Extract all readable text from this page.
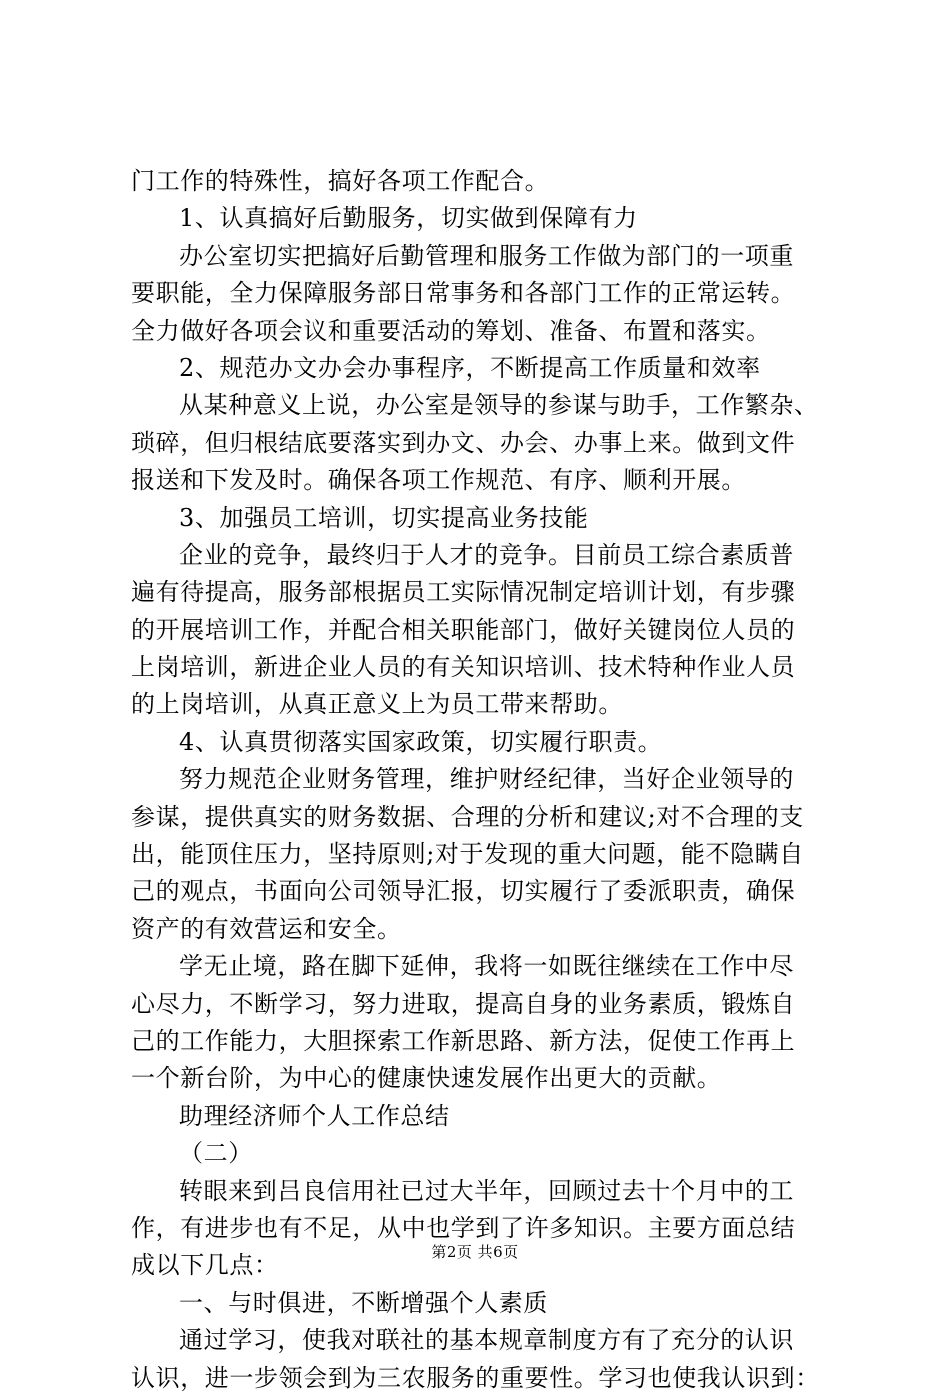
门工作的特殊性，搞好各项工作配合。
1、认真搞好后勤服务，切实做到保障有力
办公室切实把搞好后勤管理和服务工作做为部门的一项重
要职能，全力保障服务部日常事务和各部门工作的正常运转。
全力做好各项会议和重要活动的筹划、准备、布置和落实。
2、规范办文办会办事程序，不断提高工作质量和效率
从某种意义上说，办公室是领导的参谋与助手，工作繁杂、
琐碎，但归根结底要落实到办文、办会、办事上来。做到文件
报送和下发及时。确保各项工作规范、有序、顺利开展。
3、加强员工培训，切实提高业务技能
企业的竞争，最终归于人才的竞争。目前员工综合素质普
遍有待提高，服务部根据员工实际情况制定培训计划，有步骤
的开展培训工作，并配合相关职能部门，做好关键岗位人员的
上岗培训，新进企业人员的有关知识培训、技术特种作业人员
的上岗培训，从真正意义上为员工带来帮助。
4、认真贯彻落实国家政策，切实履行职责。
努力规范企业财务管理，维护财经纪律，当好企业领导的
参谋，提供真实的财务数据、合理的分析和建议;对不合理的支
出，能顶住压力，坚持原则;对于发现的重大问题，能不隐瞒自
己的观点，书面向公司领导汇报，切实履行了委派职责，确保
资产的有效营运和安全。
学无止境，路在脚下延伸，我将一如既往继续在工作中尽
心尽力，不断学习，努力进取，提高自身的业务素质，锻炼自
己的工作能力，大胆探索工作新思路、新方法，促使工作再上
一个新台阶，为中心的健康快速发展作出更大的贡献。
助理经济师个人工作总结
（二）
转眼来到吕良信用社已过大半年，回顾过去十个月中的工
作，有进步也有不足，从中也学到了许多知识。主要方面总结
成以下几点：
一、与时俱进，不断增强个人素质
通过学习，使我对联社的基本规章制度方有了充分的认识
认识，进一步领会到为三农服务的重要性。学习也使我认识到：
第2页 共6页
